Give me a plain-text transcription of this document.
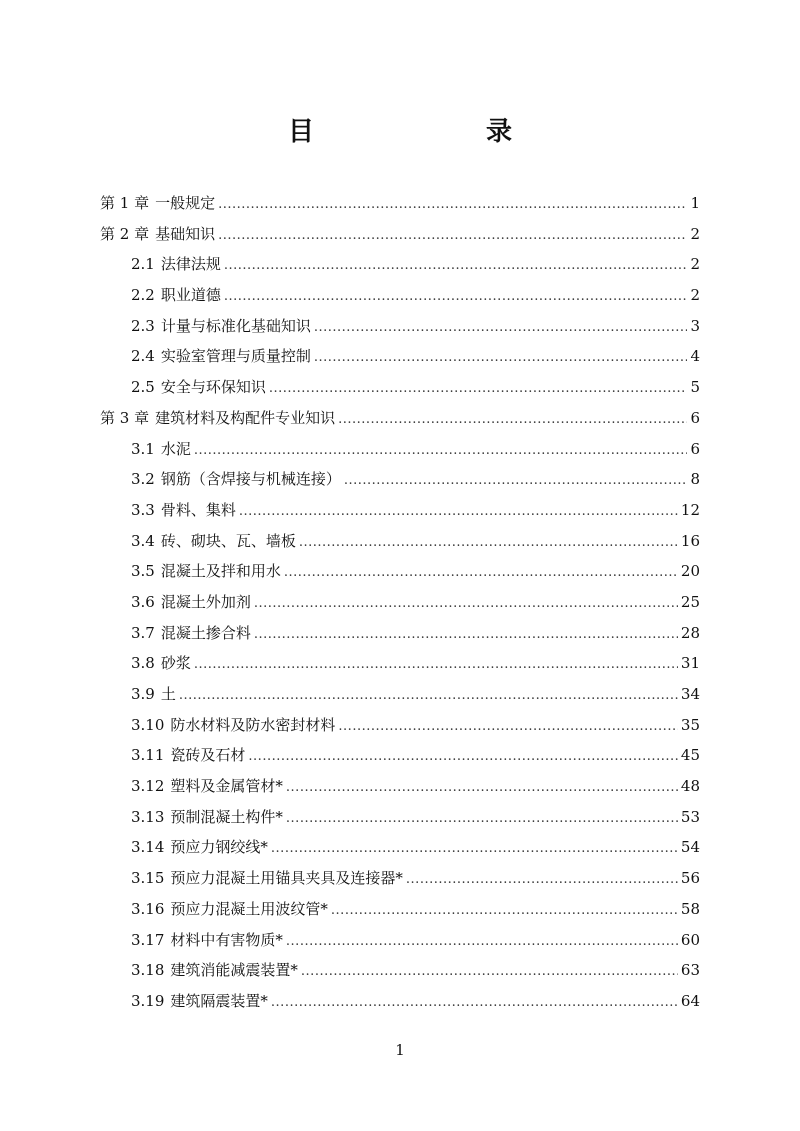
目　　录
第 1 章 一般规定 .....	1
第 2 章 基础知识 .....	2
2.1 法律法规 .....	2
2.2 职业道德 .....	2
2.3 计量与标准化基础知识 .....	3
2.4 实验室管理与质量控制 .....	4
2.5 安全与环保知识 .....	5
第 3 章 建筑材料及构配件专业知识 .....	6
3.1 水泥 .....	6
3.2 钢筋（含焊接与机械连接） .....	8
3.3 骨料、集料 .....	12
3.4 砖、砌块、瓦、墙板 .....	16
3.5 混凝土及拌和用水 .....	20
3.6 混凝土外加剂 .....	25
3.7 混凝土掺合料 .....	28
3.8 砂浆 .....	31
3.9 土 .....	34
3.10 防水材料及防水密封材料 .....	35
3.11 瓷砖及石材 .....	45
3.12 塑料及金属管材* .....	48
3.13 预制混凝土构件* .....	53
3.14 预应力钢绞线* .....	54
3.15 预应力混凝土用锚具夹具及连接器* .....	56
3.16 预应力混凝土用波纹管* .....	58
3.17 材料中有害物质* .....	60
3.18 建筑消能减震装置* .....	63
3.19 建筑隔震装置* .....	64
1
